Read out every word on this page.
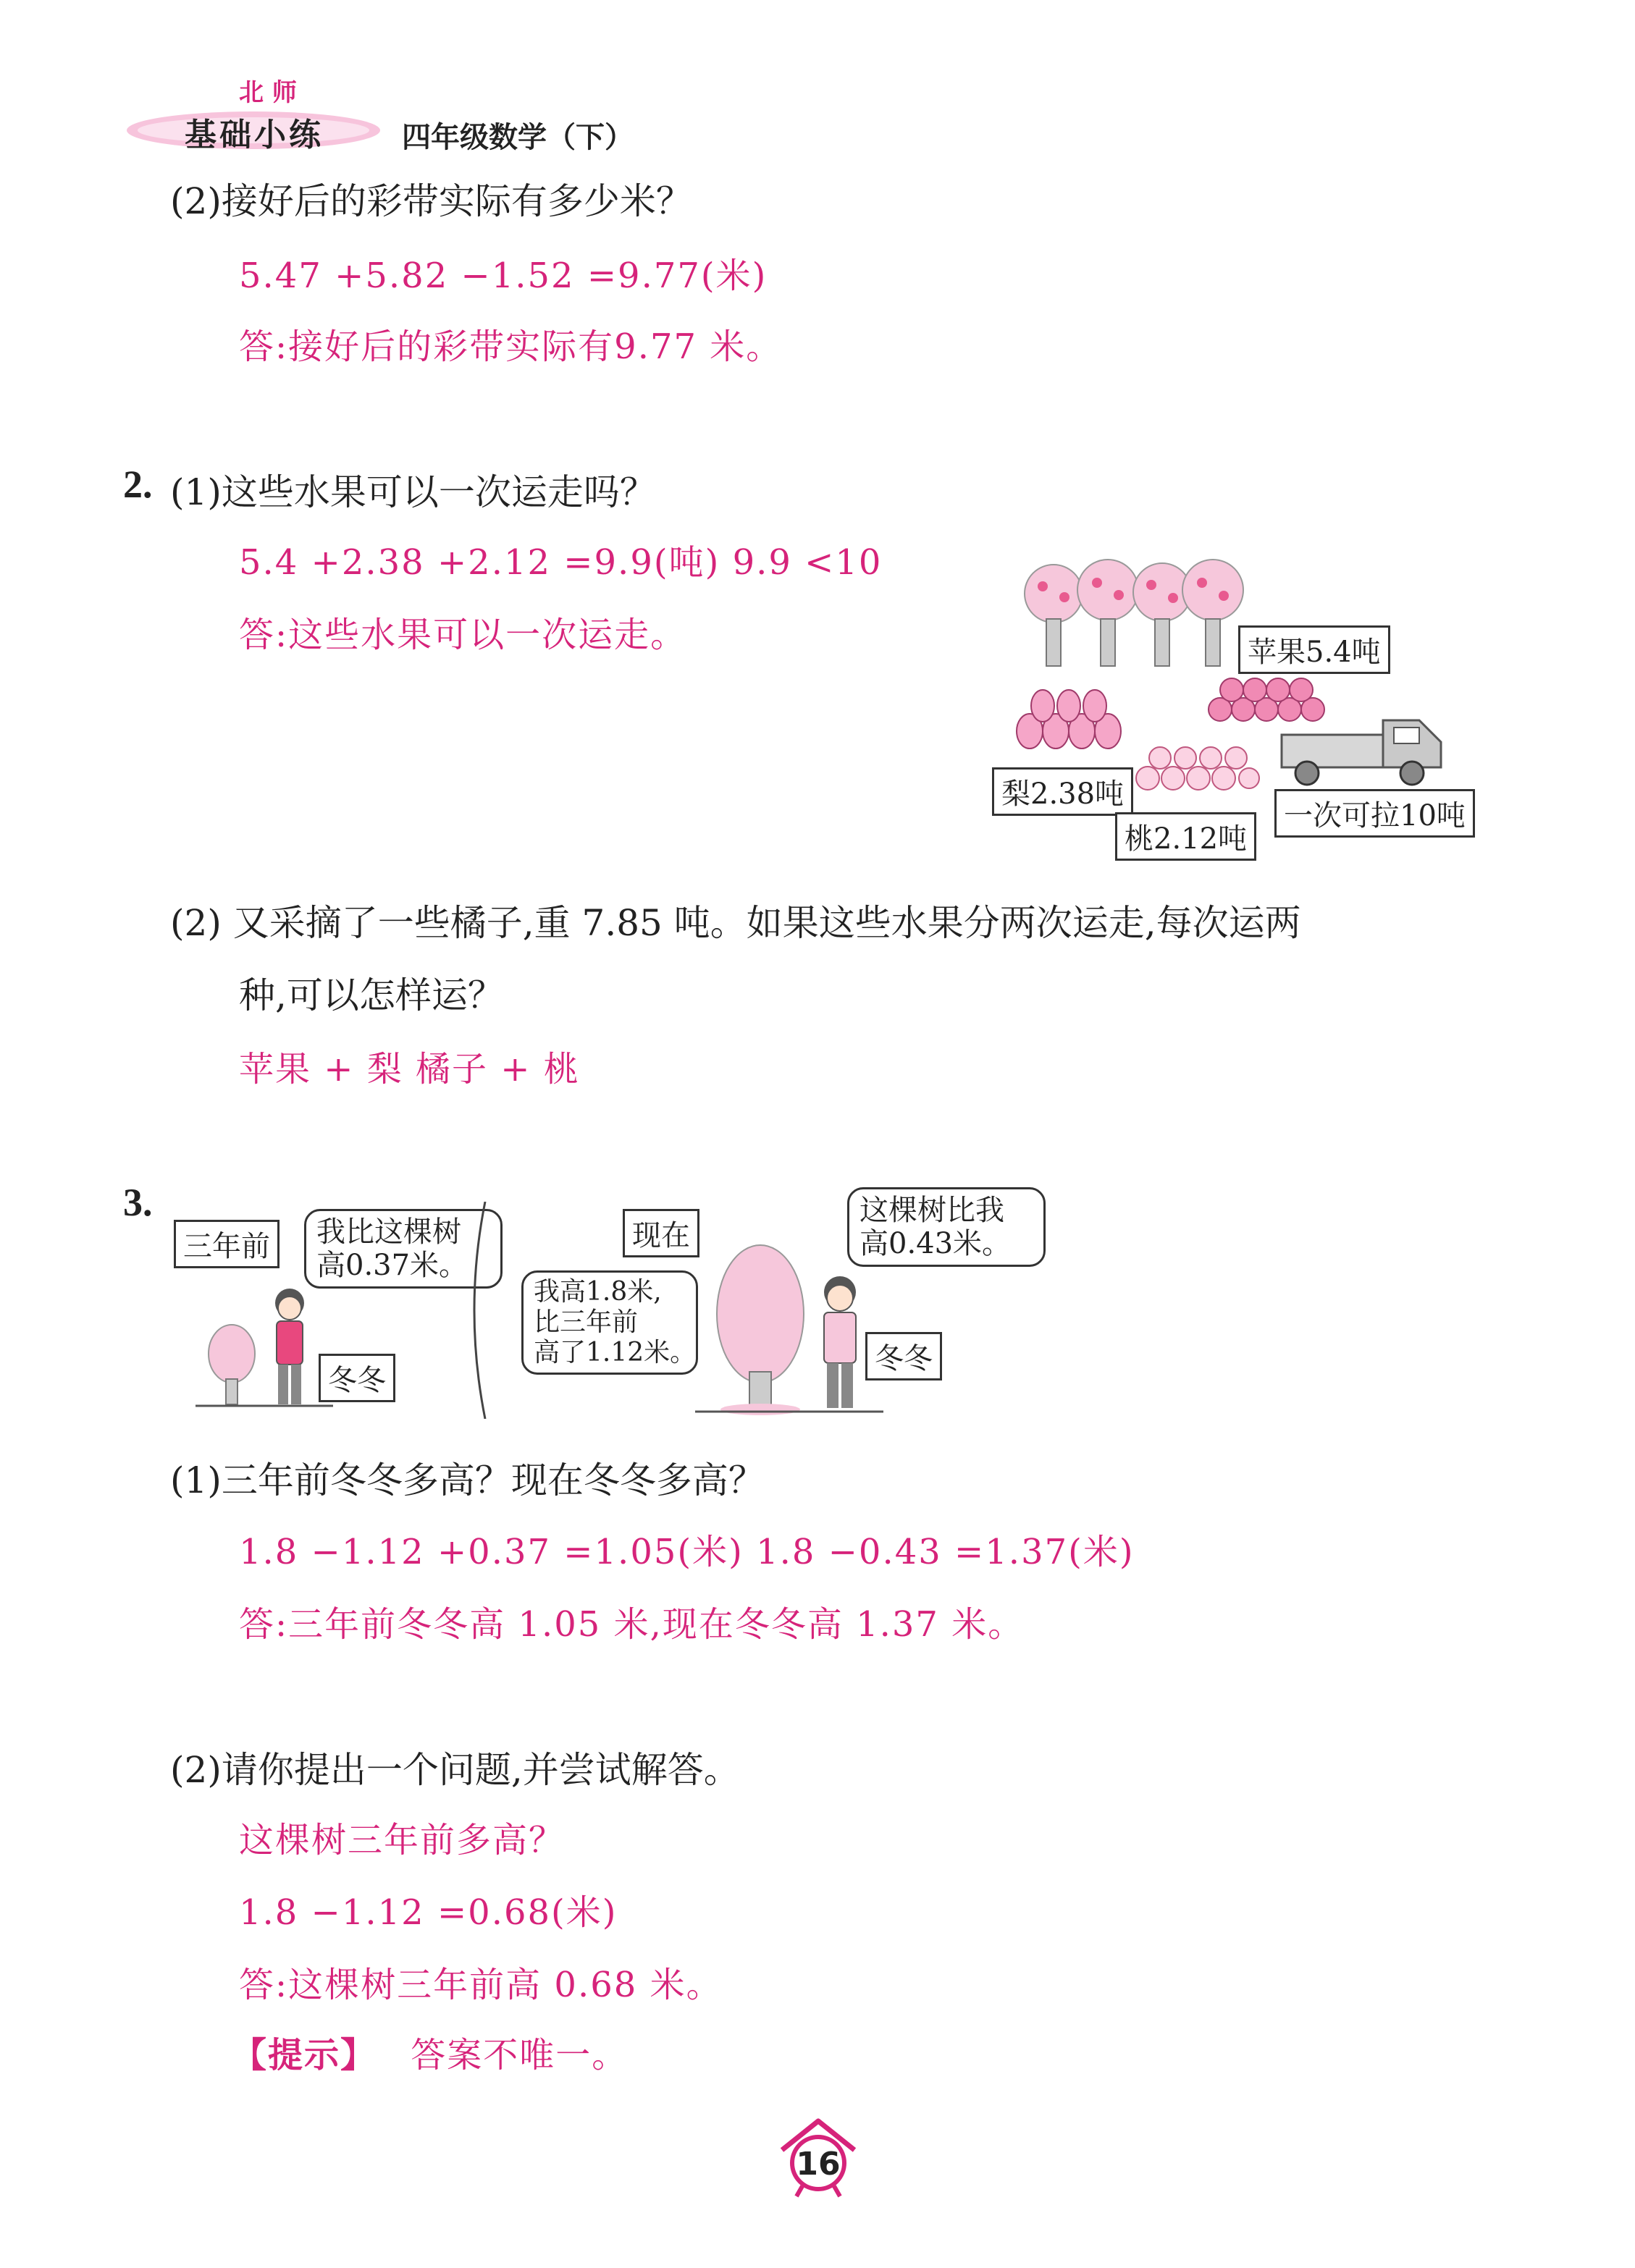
北 师
基础小练	四年级数学（下）
(2)接好后的彩带实际有多少米？
5.47 +5.82 −1.52 =9.77(米)
答:接好后的彩带实际有9.77 米。
2. (1)这些水果可以一次运走吗？
5.4 +2.38 +2.12 =9.9(吨) 9.9 <10
答:这些水果可以一次运走。	苹果5.4吨
梨2.38吨
桃2.12吨
一次可拉10吨
(2) 又采摘了一些橘子,重 7.85 吨。如果这些水果分两次运走,每次运两
种,可以怎样运？
苹果 + 梨 橘子 + 桃
3.
三年前	我比这棵树
高0.37米。
冬冬
现在
我高1.8米,
比三年前
高了1.12米。
这棵树比我
高0.43米。
冬冬
(1)三年前冬冬多高？现在冬冬多高？
1.8 −1.12 +0.37 =1.05(米) 1.8 −0.43 =1.37(米)
答:三年前冬冬高 1.05 米,现在冬冬高 1.37 米。
(2)请你提出一个问题,并尝试解答。
这棵树三年前多高？
1.8 −1.12 =0.68(米)
答:这棵树三年前高 0.68 米。
【提示】 答案不唯一。
16
